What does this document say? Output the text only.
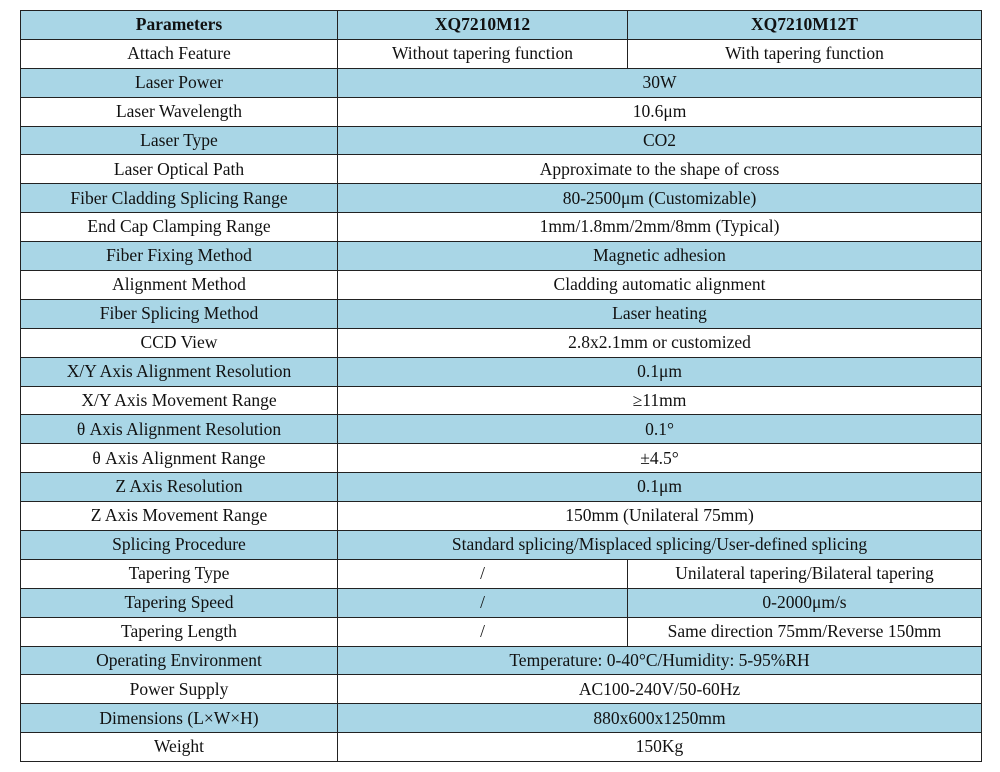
Parameters	XQ7210M12	XQ7210M12T
Attach Feature	Without tapering function	With tapering function
Laser Power	30W	
Laser Wavelength	10.6μm	
Laser Type	CO2	
Laser Optical Path	Approximate to the shape of cross	
Fiber Cladding Splicing Range	80-2500μm (Customizable)	
End Cap Clamping Range	1mm/1.8mm/2mm/8mm (Typical)	
Fiber Fixing Method	Magnetic adhesion	
Alignment Method	Cladding automatic alignment	
Fiber Splicing Method	Laser heating	
CCD View	2.8x2.1mm or customized	
X/Y Axis Alignment Resolution	0.1μm	
X/Y Axis Movement Range	≥11mm	
θ Axis Alignment Resolution	0.1°	
θ Axis Alignment Range	±4.5°	
Z Axis Resolution	0.1μm	
Z Axis Movement Range	150mm (Unilateral 75mm)	
Splicing Procedure	Standard splicing/Misplaced splicing/User-defined splicing	
Tapering Type	/	Unilateral tapering/Bilateral tapering
Tapering Speed	/	0-2000μm/s
Tapering Length	/	Same direction 75mm/Reverse 150mm
Operating Environment	Temperature: 0-40°C/Humidity: 5-95%RH	
Power Supply	AC100-240V/50-60Hz	
Dimensions (L×W×H)	880x600x1250mm	
Weight	150Kg	
